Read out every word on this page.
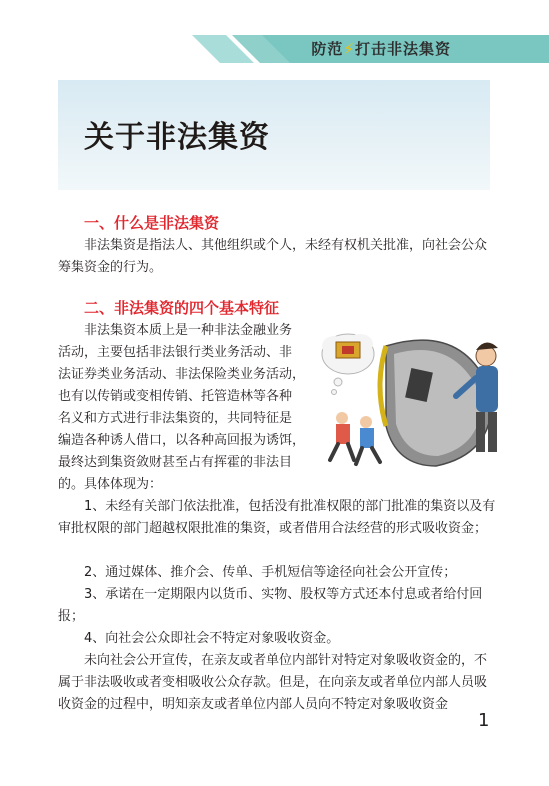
防范⚡打击非法集资
关于非法集资
一、什么是非法集资
非法集资是指法人、其他组织或个人，未经有权机关批准，向社会公众筹集资金的行为。
二、非法集资的四个基本特征
非法集资本质上是一种非法金融业务
活动，主要包括非法银行类业务活动、非
法证券类业务活动、非法保险类业务活动，
也有以传销或变相传销、托管造林等各种
名义和方式进行非法集资的，共同特征是
编造各种诱人借口，以各种高回报为诱饵，
最终达到集资敛财甚至占有挥霍的非法目
的。具体体现为：
1、未经有关部门依法批准，包括没有批准权限的部门批准的集资以及有审批权限的部门超越权限批准的集资，或者借用合法经营的形式吸收资金；
2、通过媒体、推介会、传单、手机短信等途径向社会公开宣传；
3、承诺在一定期限内以货币、实物、股权等方式还本付息或者给付回报；
4、向社会公众即社会不特定对象吸收资金。
未向社会公开宣传，在亲友或者单位内部针对特定对象吸收资金的，不属于非法吸收或者变相吸收公众存款。但是，在向亲友或者单位内部人员吸收资金的过程中，明知亲友或者单位内部人员向不特定对象吸收资金
1
